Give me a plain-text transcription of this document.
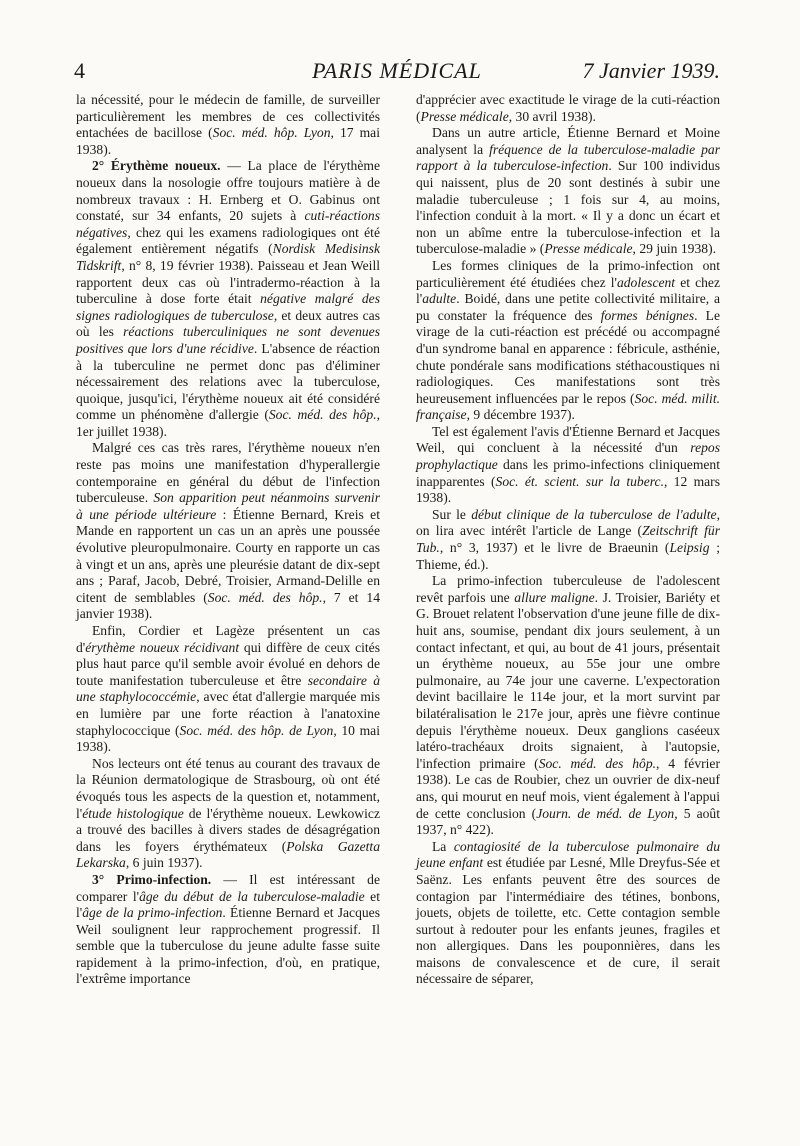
4	PARIS MÉDICAL	7 Janvier 1939.

la nécessité, pour le médecin de famille, de surveiller particulièrement les membres de ces collectivités entachées de bacillose (Soc. méd. hôp. Lyon, 17 mai 1938).

2° Érythème noueux. — La place de l'érythème noueux dans la nosologie offre toujours matière à de nombreux travaux : H. Ernberg et O. Gabinus ont constaté, sur 34 enfants, 20 sujets à cuti-réactions négatives, chez qui les examens radiologiques ont été également entièrement négatifs (Nordisk Medisinsk Tidskrift, n° 8, 19 février 1938). Paisseau et Jean Weill rapportent deux cas où l'intradermo-réaction à la tuberculine à dose forte était négative malgré des signes radiologiques de tuberculose, et deux autres cas où les réactions tuberculiniques ne sont devenues positives que lors d'une récidive. L'absence de réaction à la tuberculine ne permet donc pas d'éliminer nécessairement des relations avec la tuberculose, quoique, jusqu'ici, l'érythème noueux ait été considéré comme un phénomène d'allergie (Soc. méd. des hôp., 1er juillet 1938).

Malgré ces cas très rares, l'érythème noueux n'en reste pas moins une manifestation d'hyperallergie contemporaine en général du début de l'infection tuberculeuse. Son apparition peut néanmoins survenir à une période ultérieure : Étienne Bernard, Kreis et Mande en rapportent un cas un an après une poussée évolutive pleuropulmonaire. Courty en rapporte un cas à vingt et un ans, après une pleurésie datant de dix-sept ans ; Paraf, Jacob, Debré, Troisier, Armand-Delille en citent de semblables (Soc. méd. des hôp., 7 et 14 janvier 1938).

Enfin, Cordier et Lagèze présentent un cas d'érythème noueux récidivant qui diffère de ceux cités plus haut parce qu'il semble avoir évolué en dehors de toute manifestation tuberculeuse et être secondaire à une staphylococcémie, avec état d'allergie marquée mis en lumière par une forte réaction à l'anatoxine staphylococcique (Soc. méd. des hôp. de Lyon, 10 mai 1938).

Nos lecteurs ont été tenus au courant des travaux de la Réunion dermatologique de Strasbourg, où ont été évoqués tous les aspects de la question et, notamment, l'étude histologique de l'érythème noueux. Lewkowicz a trouvé des bacilles à divers stades de désagrégation dans les foyers érythémateux (Polska Gazetta Lekarska, 6 juin 1937).

3° Primo-infection. — Il est intéressant de comparer l'âge du début de la tuberculose-maladie et l'âge de la primo-infection. Étienne Bernard et Jacques Weil soulignent leur rapprochement progressif. Il semble que la tuberculose du jeune adulte fasse suite rapidement à la primo-infection, d'où, en pratique, l'extrême importance

d'apprécier avec exactitude le virage de la cuti-réaction (Presse médicale, 30 avril 1938).

Dans un autre article, Étienne Bernard et Moine analysent la fréquence de la tuberculose-maladie par rapport à la tuberculose-infection. Sur 100 individus qui naissent, plus de 20 sont destinés à subir une maladie tuberculeuse ; 1 fois sur 4, au moins, l'infection conduit à la mort. « Il y a donc un écart et non un abîme entre la tuberculose-infection et la tuberculose-maladie » (Presse médicale, 29 juin 1938).

Les formes cliniques de la primo-infection ont particulièrement été étudiées chez l'adolescent et chez l'adulte. Boidé, dans une petite collectivité militaire, a pu constater la fréquence des formes bénignes. Le virage de la cuti-réaction est précédé ou accompagné d'un syndrome banal en apparence : fébricule, asthénie, chute pondérale sans modifications stéthacoustiques ni radiologiques. Ces manifestations sont très heureusement influencées par le repos (Soc. méd. milit. française, 9 décembre 1937).

Tel est également l'avis d'Étienne Bernard et Jacques Weil, qui concluent à la nécessité d'un repos prophylactique dans les primo-infections cliniquement inapparentes (Soc. ét. scient. sur la tuberc., 12 mars 1938).

Sur le début clinique de la tuberculose de l'adulte, on lira avec intérêt l'article de Lange (Zeitschrift für Tub., n° 3, 1937) et le livre de Braeunin (Leipsig ; Thieme, éd.).

La primo-infection tuberculeuse de l'adolescent revêt parfois une allure maligne. J. Troisier, Bariéty et G. Brouet relatent l'observation d'une jeune fille de dix-huit ans, soumise, pendant dix jours seulement, à un contact infectant, et qui, au bout de 41 jours, présentait un érythème noueux, au 55e jour une ombre pulmonaire, au 74e jour une caverne. L'expectoration devint bacillaire le 114e jour, et la mort survint par bilatéralisation le 217e jour, après une fièvre continue depuis l'érythème noueux. Deux ganglions caséeux latéro-trachéaux droits signaient, à l'autopsie, l'infection primaire (Soc. méd. des hôp., 4 février 1938). Le cas de Roubier, chez un ouvrier de dix-neuf ans, qui mourut en neuf mois, vient également à l'appui de cette conclusion (Journ. de méd. de Lyon, 5 août 1937, n° 422).

La contagiosité de la tuberculose pulmonaire du jeune enfant est étudiée par Lesné, Mlle Dreyfus-Sée et Saënz. Les enfants peuvent être des sources de contagion par l'intermédiaire des tétines, bonbons, jouets, objets de toilette, etc. Cette contagion semble surtout à redouter pour les enfants jeunes, fragiles et non allergiques. Dans les pouponnières, dans les maisons de convalescence et de cure, il serait nécessaire de séparer,
